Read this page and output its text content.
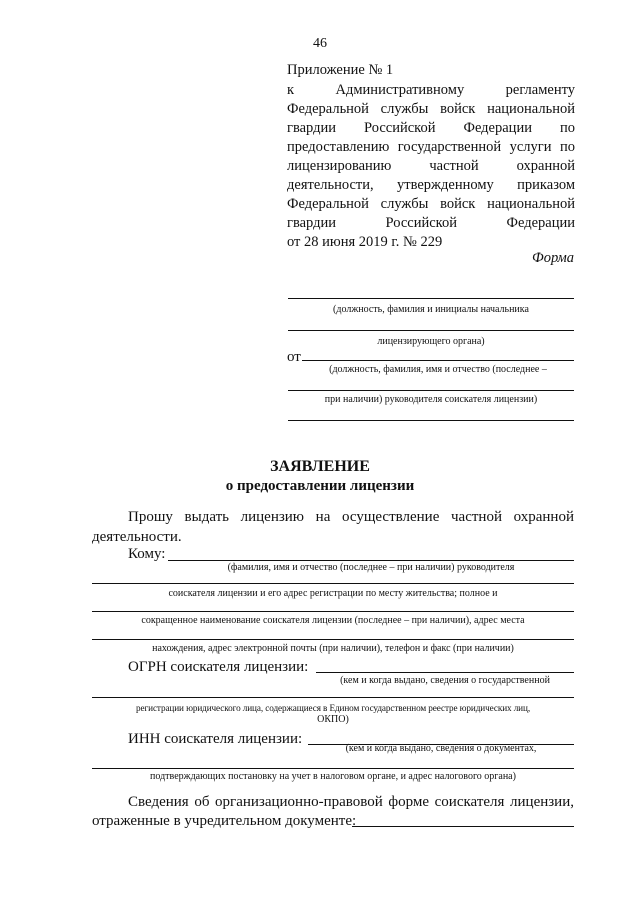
46
Приложение № 1
к Административному регламенту
Федеральной службы войск национальной
гвардии Российской Федерации по
предоставлению государственной услуги по
лицензированию частной охранной
деятельности, утвержденному приказом
Федеральной службы войск национальной
гвардии Российской Федерации
от 28 июня 2019 г. № 229
Форма
(должность, фамилия и инициалы начальника
лицензирующего органа)
от
(должность, фамилия, имя и отчество (последнее –
при наличии) руководителя соискателя лицензии)
ЗАЯВЛЕНИЕ
о предоставлении лицензии
Прошу выдать лицензию на осуществление частной охранной
деятельности.
Кому:
(фамилия, имя и отчество (последнее – при наличии) руководителя
соискателя лицензии и его адрес регистрации по месту жительства; полное и
сокращенное наименование соискателя лицензии (последнее – при наличии), адрес места
нахождения, адрес электронной почты (при наличии), телефон и факс (при наличии)
ОГРН соискателя лицензии:
(кем и когда выдано, сведения о государственной
регистрации юридического лица, содержащиеся в Едином государственном реестре юридических лиц,
ОКПО)
ИНН соискателя лицензии:
(кем и когда выдано, сведения о документах,
подтверждающих постановку на учет в налоговом органе, и адрес налогового органа)
Сведения об организационно-правовой форме соискателя лицензии,
отраженные в учредительном документе:
